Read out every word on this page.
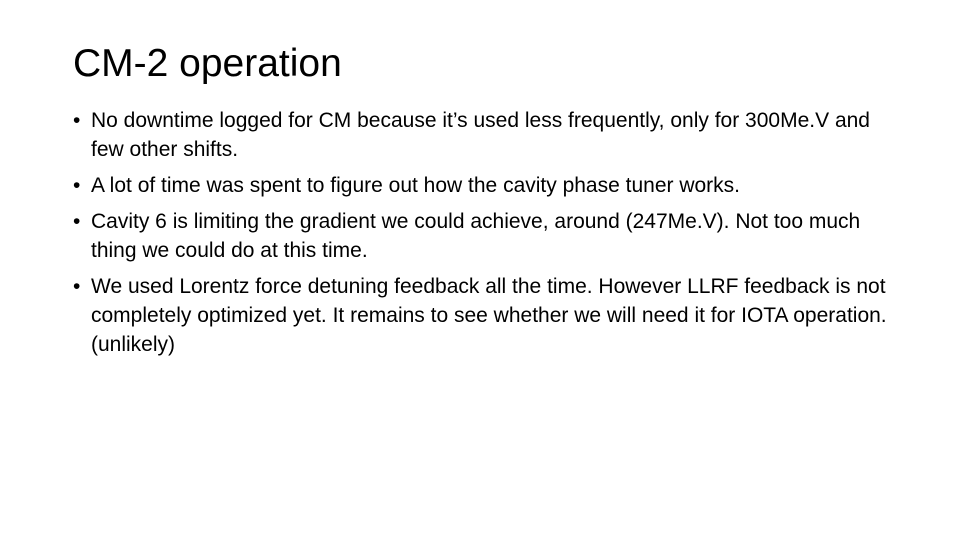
CM-2 operation
• No downtime logged for CM because it’s used less frequently, only for 300Me.V and few other shifts.
• A lot of time was spent to figure out how the cavity phase tuner works.
• Cavity 6 is limiting the gradient we could achieve, around (247Me.V). Not too much thing we could do at this time.
• We used Lorentz force detuning feedback all the time. However LLRF feedback is not completely optimized yet. It remains to see whether we will need it for IOTA operation. (unlikely)
